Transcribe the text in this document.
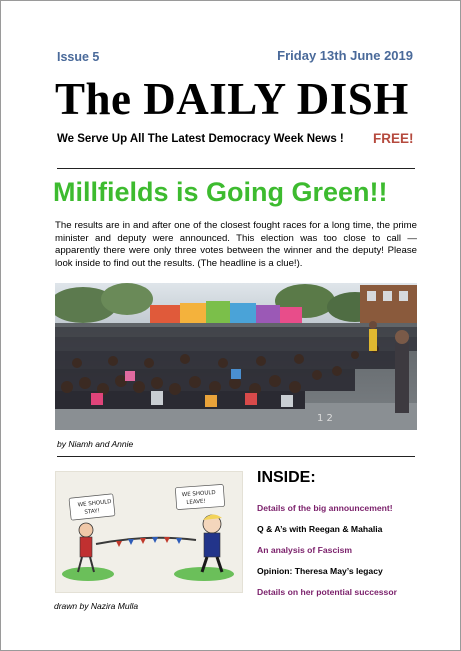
Issue 5	Friday 13th June 2019
The DAILY DISH
We Serve Up All The Latest Democracy Week News ! FREE!
Millfields is Going Green!!
The results are in and after one of the closest fought races for a long time, the prime minister and deputy were announced. This election was too close to call — apparently there were only three votes between the winner and the deputy! Please look inside to find out the results. (The headline is a clue!).
1 2
by Niamh and Annie
WE SHOULD
STAY!
WE SHOULD
LEAVE!
drawn by Nazira Mulla
INSIDE:
Details of the big announcement!
Q & A’s with Reegan & Mahalia
An analysis of Fascism
Opinion: Theresa May’s legacy
Details on her potential successor
